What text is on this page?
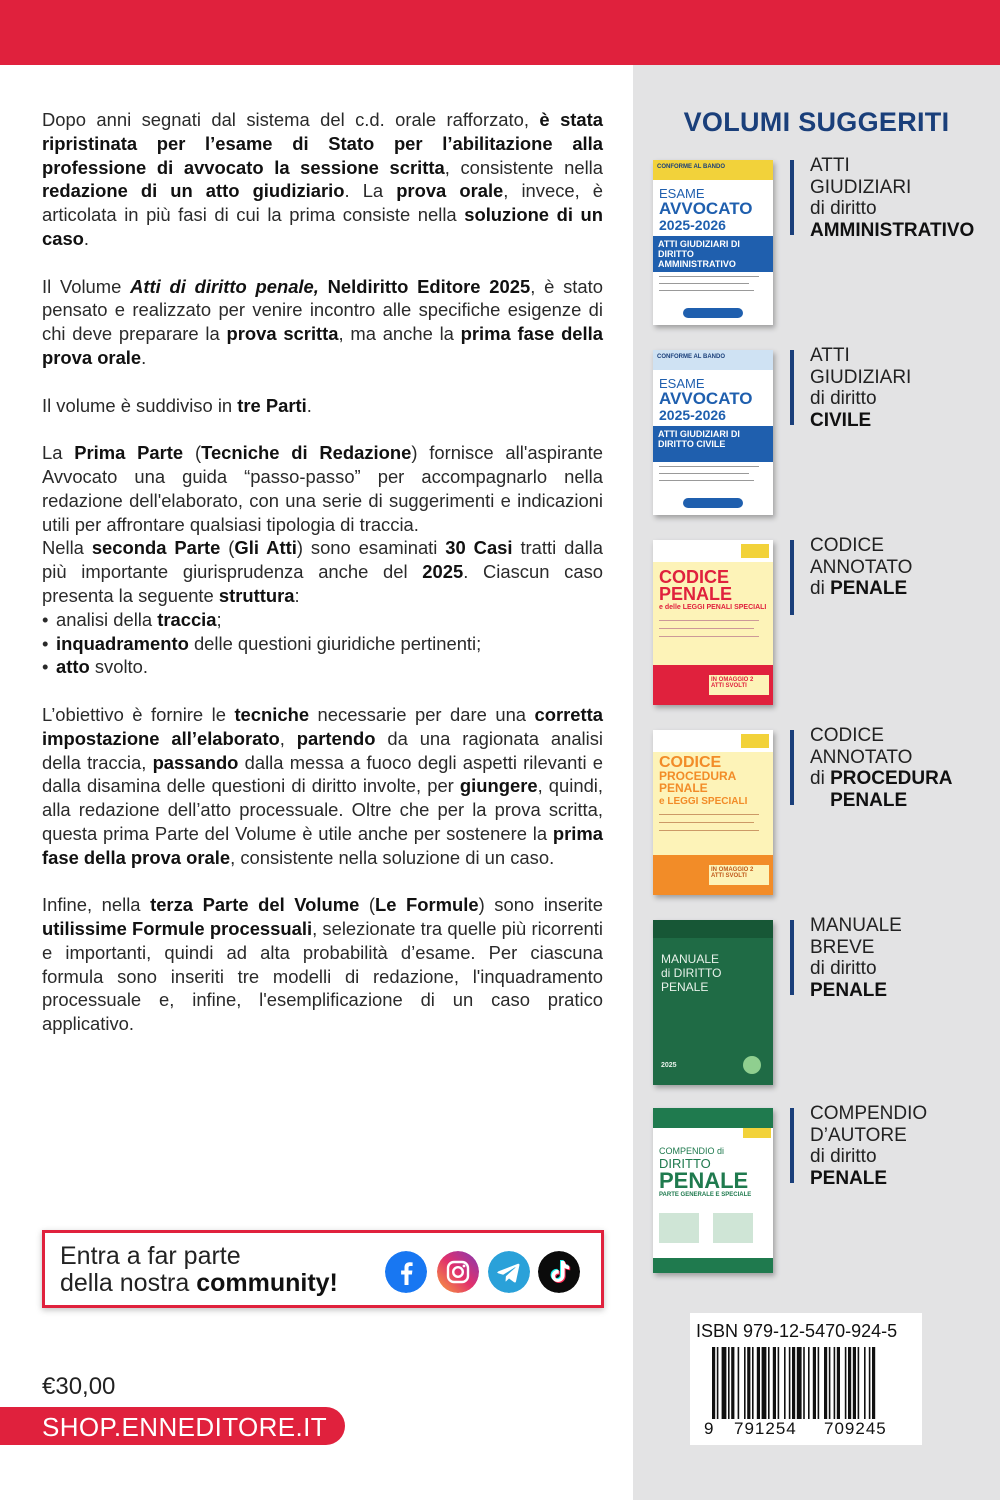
Dopo anni segnati dal sistema del c.d. orale rafforzato, è stata ripristinata per l’esame di Stato per l’abilitazione alla professione di avvocato la sessione scritta, consistente nella redazione di un atto giudiziario. La prova orale, invece, è articolata in più fasi di cui la prima consiste nella soluzione di un caso.

Il Volume Atti di diritto penale, Neldiritto Editore 2025, è stato pensato e realizzato per venire incontro alle specifiche esigenze di chi deve preparare la prova scritta, ma anche la prima fase della prova orale.

Il volume è suddiviso in tre Parti.

La Prima Parte (Tecniche di Redazione) fornisce all'aspirante Avvocato una guida “passo-passo” per accompagnarlo nella redazione dell'elaborato, con una serie di suggerimenti e indicazioni utili per affrontare qualsiasi tipologia di traccia.

Nella seconda Parte (Gli Atti) sono esaminati 30 Casi tratti dalla più importante giurisprudenza anche del 2025. Ciascun caso presenta la seguente struttura:

• analisi della traccia;
• inquadramento delle questioni giuridiche pertinenti;
• atto svolto.

L’obiettivo è fornire le tecniche necessarie per dare una corretta impostazione all’elaborato, partendo da una ragionata analisi della traccia, passando dalla messa a fuoco degli aspetti rilevanti e dalla disamina delle questioni di diritto involte, per giungere, quindi, alla redazione dell’atto processuale. Oltre che per la prova scritta, questa prima Parte del Volume è utile anche per sostenere la prima fase della prova orale, consistente nella soluzione di un caso.

Infine, nella terza Parte del Volume (Le Formule) sono inserite utilissime Formule processuali, selezionate tra quelle più ricorrenti e importanti, quindi ad alta probabilità d’esame. Per ciascuna formula sono inseriti tre modelli di redazione, l'inquadramento processuale e, infine, l'esemplificazione di un caso pratico applicativo.

VOLUMI SUGGERITI
CONFORME AL BANDO
ESAME
AVVOCATO
2025-2026
ATTI GIUDIZIARI DI DIRITTO AMMINISTRATIVO
ATTI
GIUDIZIARI
di diritto
AMMINISTRATIVO
CONFORME AL BANDO
ESAME
AVVOCATO
2025-2026
ATTI GIUDIZIARI DI DIRITTO CIVILE
ATTI
GIUDIZIARI
di diritto
CIVILE
CODICE
PENALE
e delle LEGGI PENALI SPECIALI
IN OMAGGIO 2 ATTI SVOLTI
CODICE
ANNOTATO
di PENALE
CODICE
PROCEDURA PENALE
e LEGGI SPECIALI
IN OMAGGIO 2 ATTI SVOLTI
CODICE
ANNOTATO
di PROCEDURA PENALE
MANUALE
di DIRITTO
PENALE
2025
MANUALE
BREVE
di diritto
PENALE
COMPENDIO di
DIRITTO
PENALE
PARTE GENERALE E SPECIALE
COMPENDIO
D’AUTORE
di diritto
PENALE
ISBN 979-12-5470-924-5
9 791254 709245
Entra a far parte
della nostra community!
€30,00
SHOP.ENNEDITORE.IT
